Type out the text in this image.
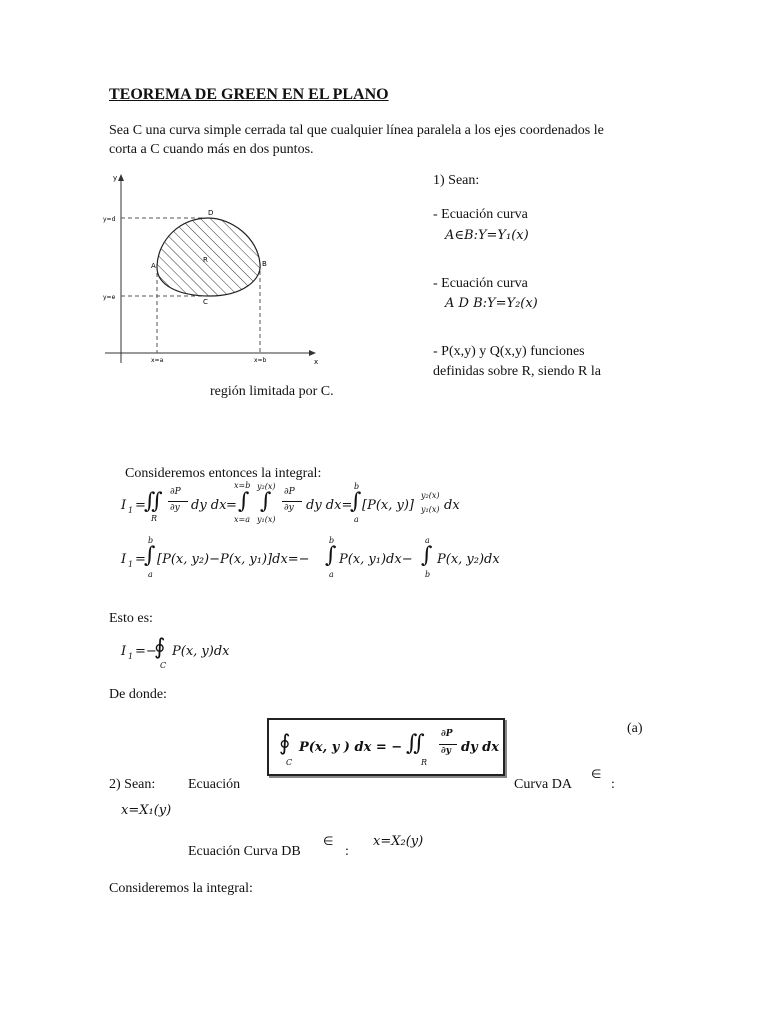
TEOREMA DE GREEN EN EL PLANO
Sea C una curva simple cerrada tal que cualquier línea paralela a los ejes coordenados le
corta a C cuando más en dos puntos.
y
x
y=d
y=e
x=a	x=b
A	B
C
D
R
región limitada por C.
1) Sean:
- Ecuación curva
A∈B:Y=Y₁(x)
- Ecuación curva
A D B:Y=Y₂(x)
- P(x,y) y Q(x,y) funciones
definidas sobre R, siendo R la
Consideremos entonces la integral:
I 1 =
∬
R
∂P
∂y dy dx =
x=b
∫
x=a
y₂(x)
∫
y₁(x)
∂P
∂y dy dx=
b
∫
a
[P(x, y)]
y₂(x)
y₁(x) dx
I 1 =
b
∫
a
[P(x, y₂)−P(x, y₁)]dx=−
b
∫
a
P(x, y₁)dx−
a
∫
b
P(x, y₂)dx
Esto es:
I 1 =−
∮
C
P(x, y)dx
De donde:
∮
C
P(x, y ) dx = − ∬
R
∂P
∂y dy dx
(a)
2) Sean: Ecuación	Curva DA
∈
:
x=X₁(y)
Ecuación Curva DB
∈
:
x=X₂(y)
Consideremos la integral:
